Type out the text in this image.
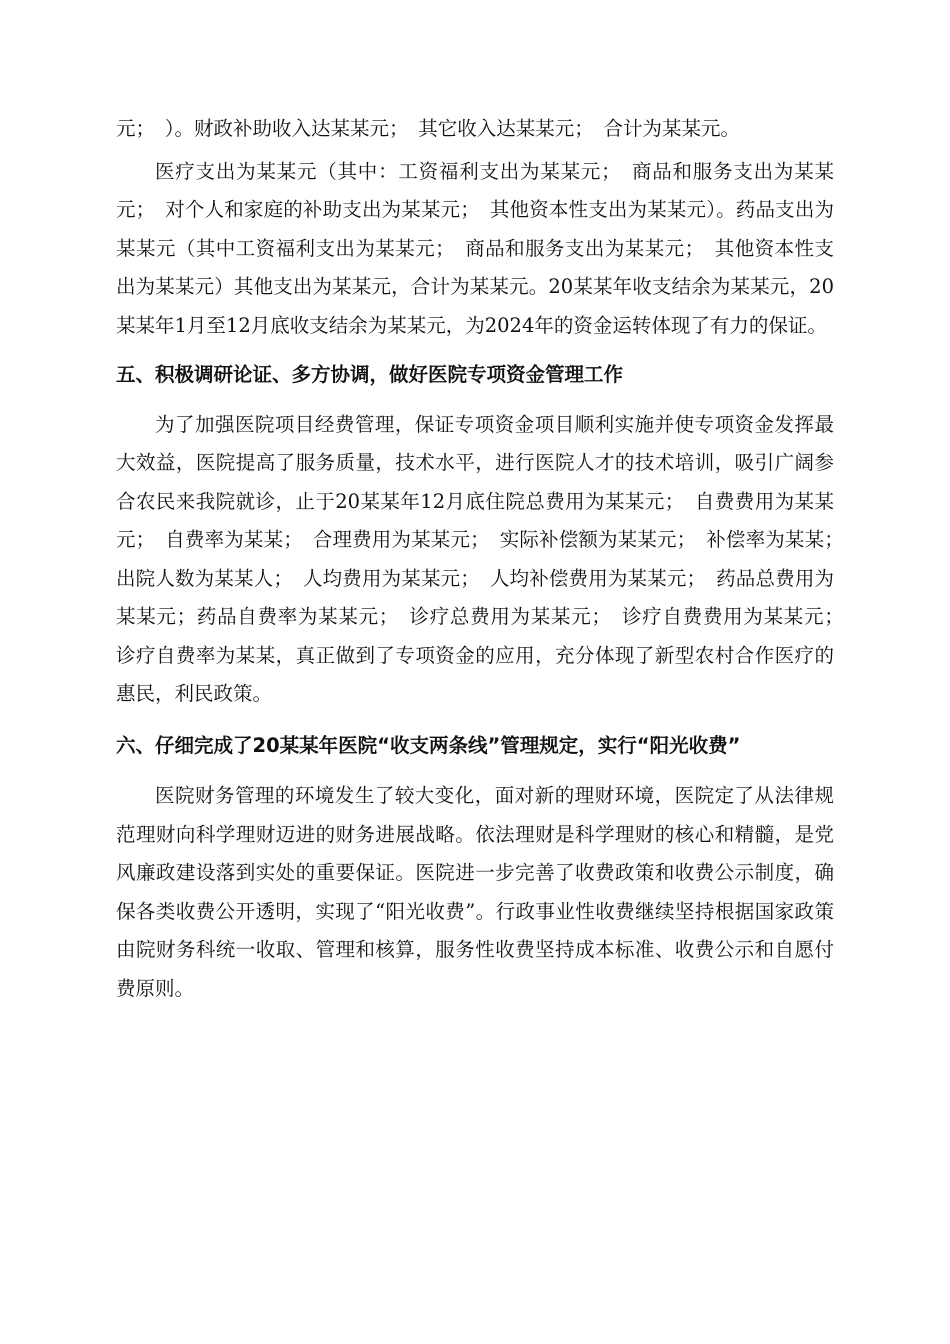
元；　）。财政补助收入达某某元；　其它收入达某某元；　合计为某某元。

医疗支出为某某元（其中：工资福利支出为某某元；　商品和服务支出为某某元；　对个人和家庭的补助支出为某某元；　其他资本性支出为某某元）。药品支出为某某元（其中工资福利支出为某某元；　商品和服务支出为某某元；　其他资本性支出为某某元）其他支出为某某元，合计为某某元。20某某年收支结余为某某元，20某某年1月至12月底收支结余为某某元，为2024年的资金运转体现了有力的保证。

五、积极调研论证、多方协调，做好医院专项资金管理工作

为了加强医院项目经费管理，保证专项资金项目顺利实施并使专项资金发挥最大效益，医院提高了服务质量，技术水平，进行医院人才的技术培训，吸引广阔参合农民来我院就诊，止于20某某年12月底住院总费用为某某元；　自费费用为某某元；　自费率为某某；　合理费用为某某元；　实际补偿额为某某元；　补偿率为某某；　出院人数为某某人；　人均费用为某某元；　人均补偿费用为某某元；　药品总费用为某某元；药品自费率为某某元；　诊疗总费用为某某元；　诊疗自费费用为某某元；　诊疗自费率为某某，真正做到了专项资金的应用，充分体现了新型农村合作医疗的惠民，利民政策。

六、仔细完成了20某某年医院“收支两条线”管理规定，实行“阳光收费”

医院财务管理的环境发生了较大变化，面对新的理财环境，医院定了从法律规范理财向科学理财迈进的财务进展战略。依法理财是科学理财的核心和精髓，是党风廉政建设落到实处的重要保证。医院进一步完善了收费政策和收费公示制度，确保各类收费公开透明，实现了“阳光收费”。行政事业性收费继续坚持根据国家政策由院财务科统一收取、管理和核算，服务性收费坚持成本标准、收费公示和自愿付费原则。
